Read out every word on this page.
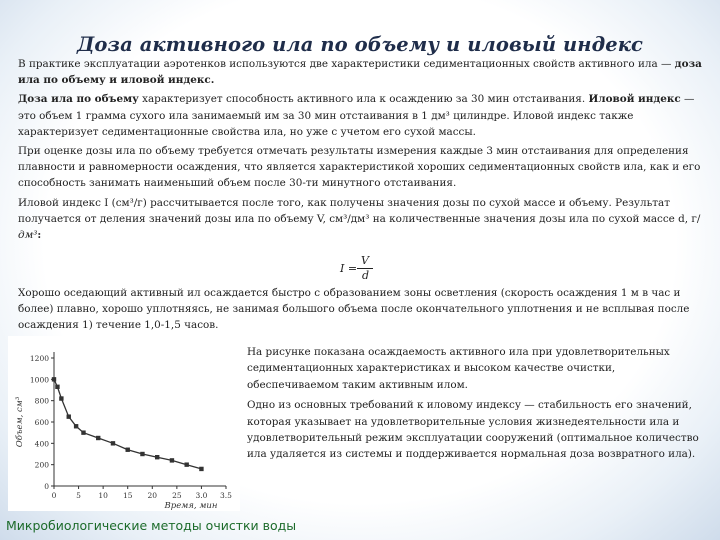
Доза активного ила по объему и иловый индекс

В практике эксплуатации аэротенков используются две характеристики седиментационных свойств активного ила — доза ила по объему и иловой индекс.

Доза ила по объему характеризует способность активного ила к осаждению за 30 мин отстаивания. Иловой индекс — это объем 1 грамма сухого ила занимаемый им за 30 мин отстаивания в 1 дм³ цилиндре. Иловой индекс также характеризует седиментационные свойства ила, но уже с учетом его сухой массы.

При оценке дозы ила по объему требуется отмечать результаты измерения каждые 3 мин отстаивания для определения плавности и равномерности осаждения, что является характеристикой хороших седиментационных свойств ила, как и его способность занимать наименьший объем после 30-ти минутного отстаивания.

Иловой индекс I (см³/г) рассчитывается после того, как получены значения дозы по сухой массе и объему. Результат получается от деления значений дозы ила по объему V, см³/дм³ на количественные значения дозы ила по сухой массе d, г/дм³:

I =
V
d

Хорошо оседающий активный ил осаждается быстро с образованием зоны осветления (скорость осаждения 1 м в час и более) плавно, хорошо уплотняясь, не занимая большого объема после окончательного уплотнения и не всплывая после осаждения 1) течение 1,0-1,5 часов.

0
200
400
600
800
1000
1200
0	5 10 15 20 25 3.0 3.5
Объем, см³
Время, мин

На рисунке показана осаждаемость активного ила при удовлетворительных седиментационных характеристиках и высоком качестве очистки, обеспечиваемом таким активным илом.

Одно из основных требований к иловому индексу — стабильность его значений, которая указывает на удовлетворительные условия жизнедеятельности ила и удовлетворительный режим эксплуатации сооружений (оптимальное количество ила удаляется из системы и поддерживается нормальная доза возвратного ила).

Микробиологические методы очистки воды
